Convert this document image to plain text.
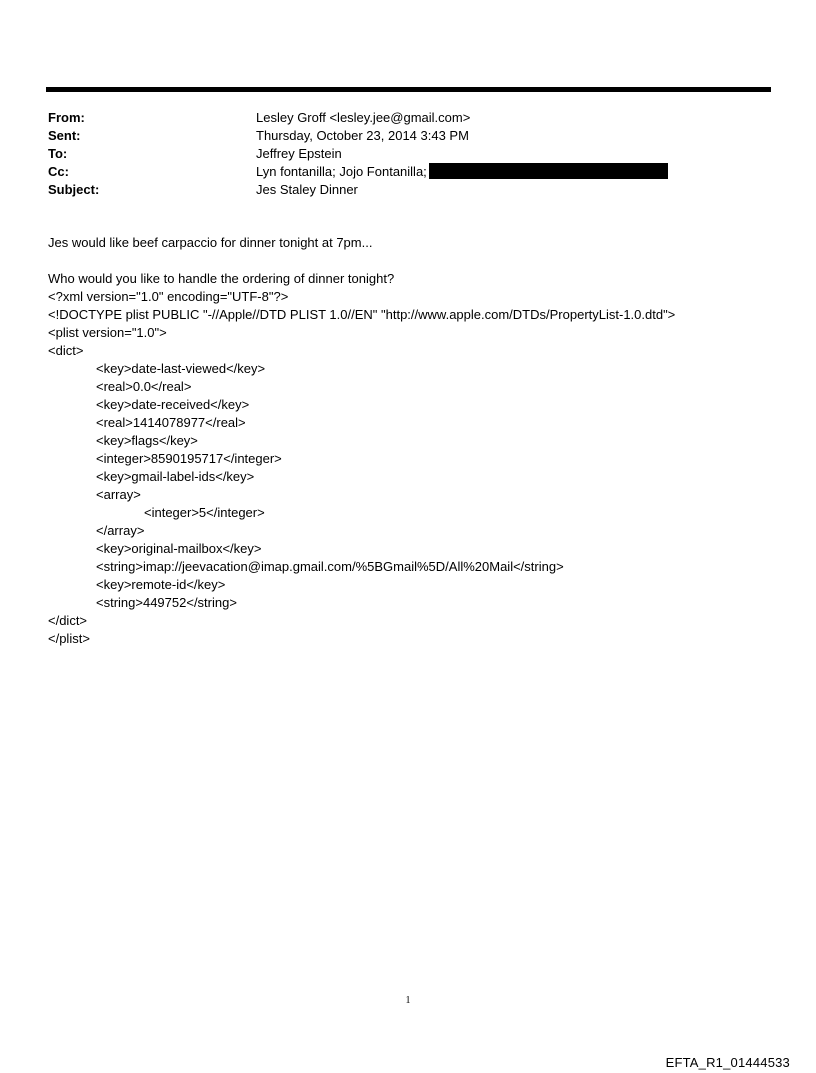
From:	Lesley Groff <lesley.jee@gmail.com>
Sent:	Thursday, October 23, 2014 3:43 PM
To:	Jeffrey Epstein
Cc:	Lyn fontanilla; Jojo Fontanilla;
Subject:	Jes Staley Dinner
Jes would like beef carpaccio for dinner tonight at 7pm...
Who would you like to handle the ordering of dinner tonight?
<?xml version="1.0" encoding="UTF-8"?>
<!DOCTYPE plist PUBLIC "-//Apple//DTD PLIST 1.0//EN" "http://www.apple.com/DTDs/PropertyList-1.0.dtd">
<plist version="1.0">
<dict>
<key>date-last-viewed</key>
<real>0.0</real>
<key>date-received</key>
<real>1414078977</real>
<key>flags</key>
<integer>8590195717</integer>
<key>gmail-label-ids</key>
<array>
<integer>5</integer>
</array>
<key>original-mailbox</key>
<string>imap://jeevacation@imap.gmail.com/%5BGmail%5D/All%20Mail</string>
<key>remote-id</key>
<string>449752</string>
</dict>
</plist>
1
EFTA_R1_01444533
